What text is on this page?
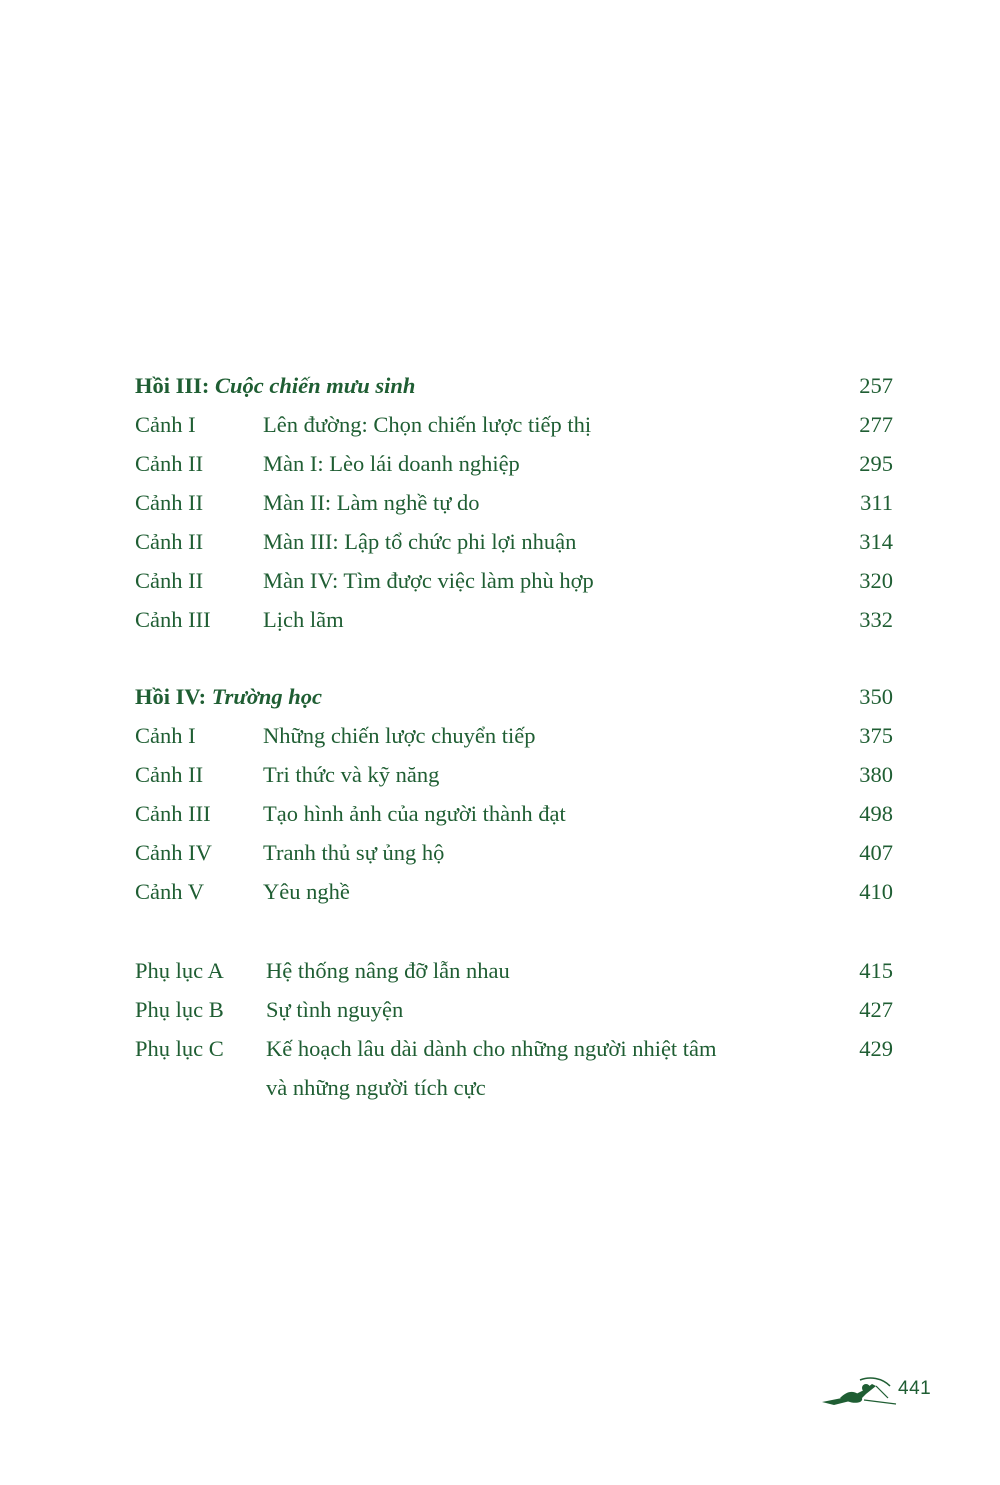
Hồi III: Cuộc chiến mưu sinh	257
Cảnh I	Lên đường: Chọn chiến lược tiếp thị	277
Cảnh II	Màn I: Lèo lái doanh nghiệp	295
Cảnh II	Màn II: Làm nghề tự do	311
Cảnh II	Màn III: Lập tổ chức phi lợi nhuận	314
Cảnh II	Màn IV: Tìm được việc làm phù hợp	320
Cảnh III Lịch lãm	332
Hồi IV: Trường học	350
Cảnh I	Những chiến lược chuyển tiếp	375
Cảnh II	Tri thức và kỹ năng	380
Cảnh III Tạo hình ảnh của người thành đạt	498
Cảnh IV Tranh thủ sự ủng hộ	407
Cảnh V	Yêu nghề	410
Phụ lục A Hệ thống nâng đỡ lẫn nhau	415
Phụ lục B Sự tình nguyện	427
Phụ lục C Kế hoạch lâu dài dành cho những người nhiệt tâm	429
và những người tích cực
441
